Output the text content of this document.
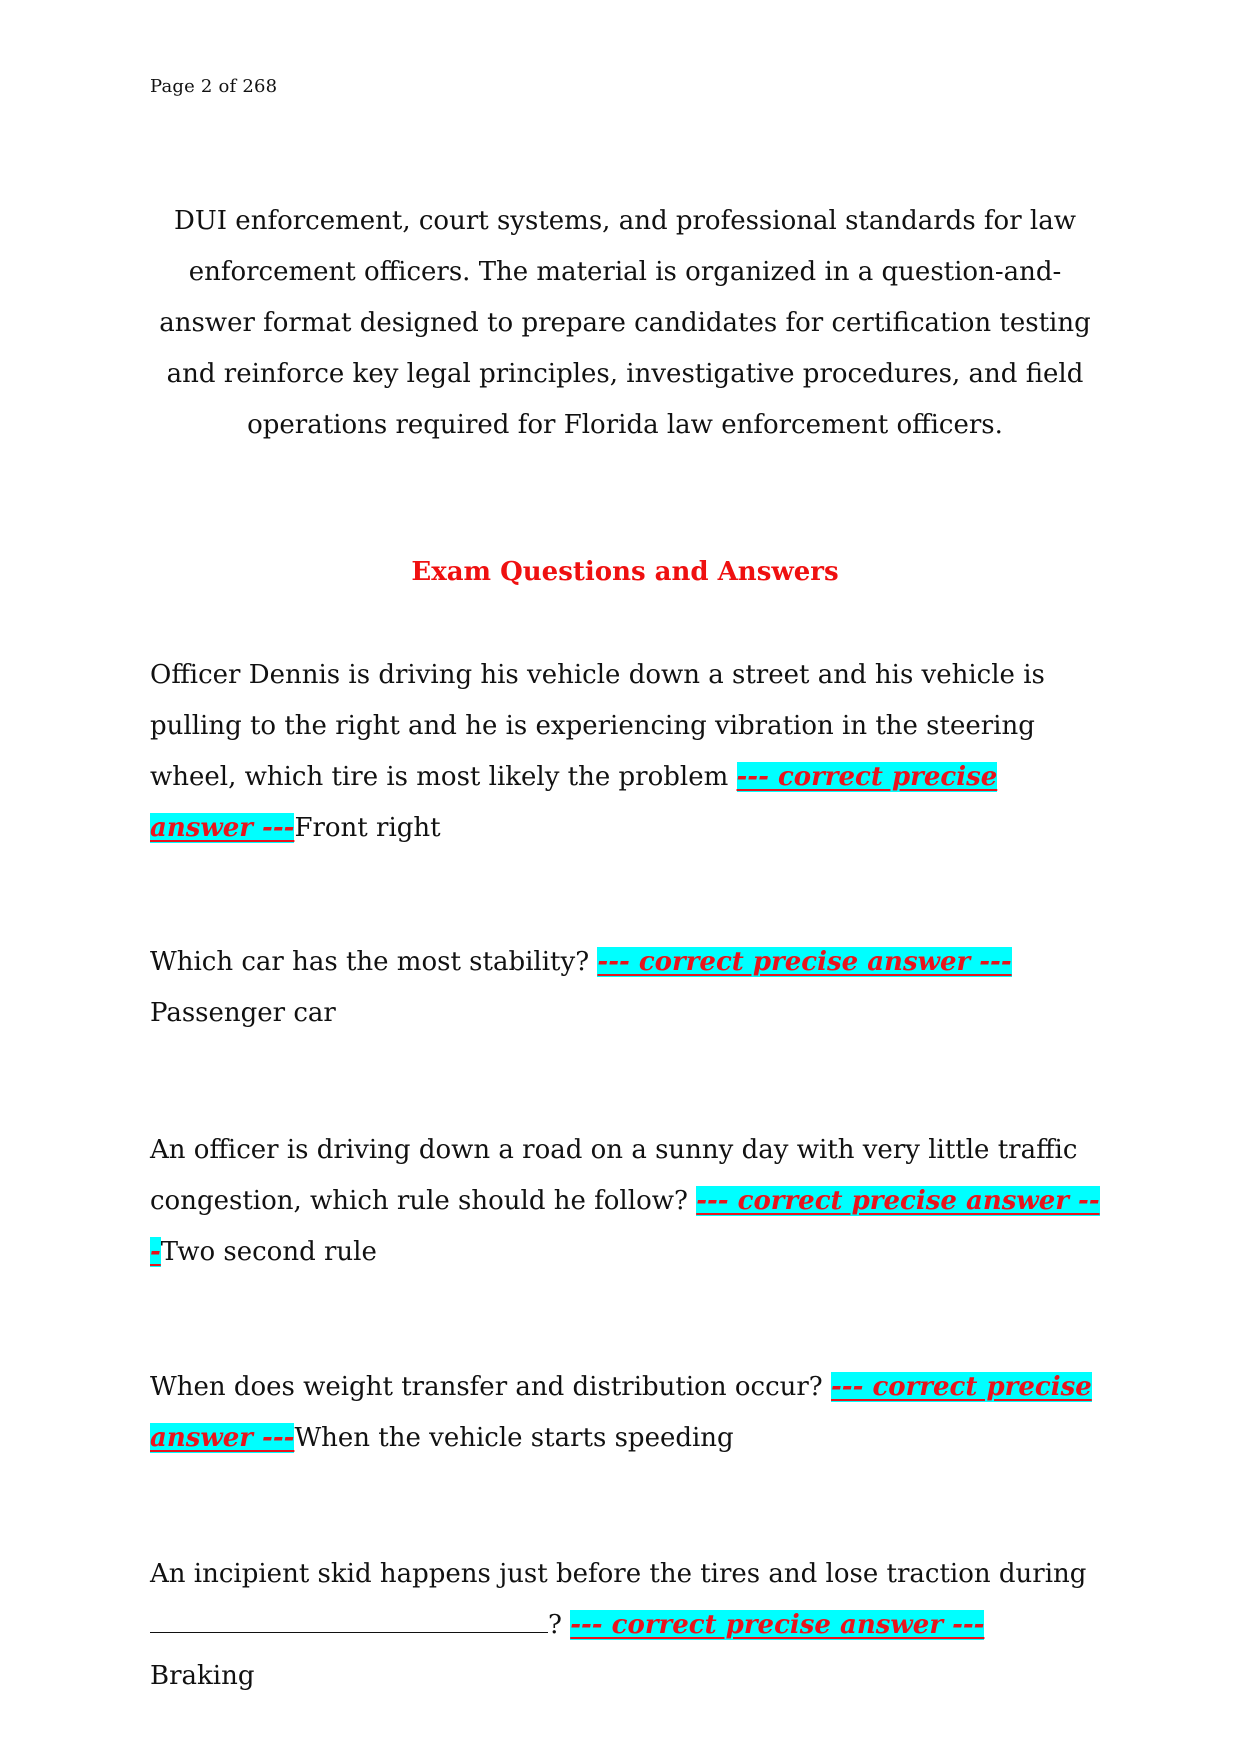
Page 2 of 268

DUI enforcement, court systems, and professional standards for law enforcement officers. The material is organized in a question-and-answer format designed to prepare candidates for certification testing and reinforce key legal principles, investigative procedures, and field operations required for Florida law enforcement officers.

Exam Questions and Answers

Officer Dennis is driving his vehicle down a street and his vehicle is pulling to the right and he is experiencing vibration in the steering wheel, which tire is most likely the problem --- correct precise answer ---Front right

Which car has the most stability? --- correct precise answer ---
Passenger car

An officer is driving down a road on a sunny day with very little traffic congestion, which rule should he follow? --- correct precise answer ---Two second rule

When does weight transfer and distribution occur? --- correct precise answer ---When the vehicle starts speeding

An incipient skid happens just before the tires and lose traction during? --- correct precise answer ---
Braking
